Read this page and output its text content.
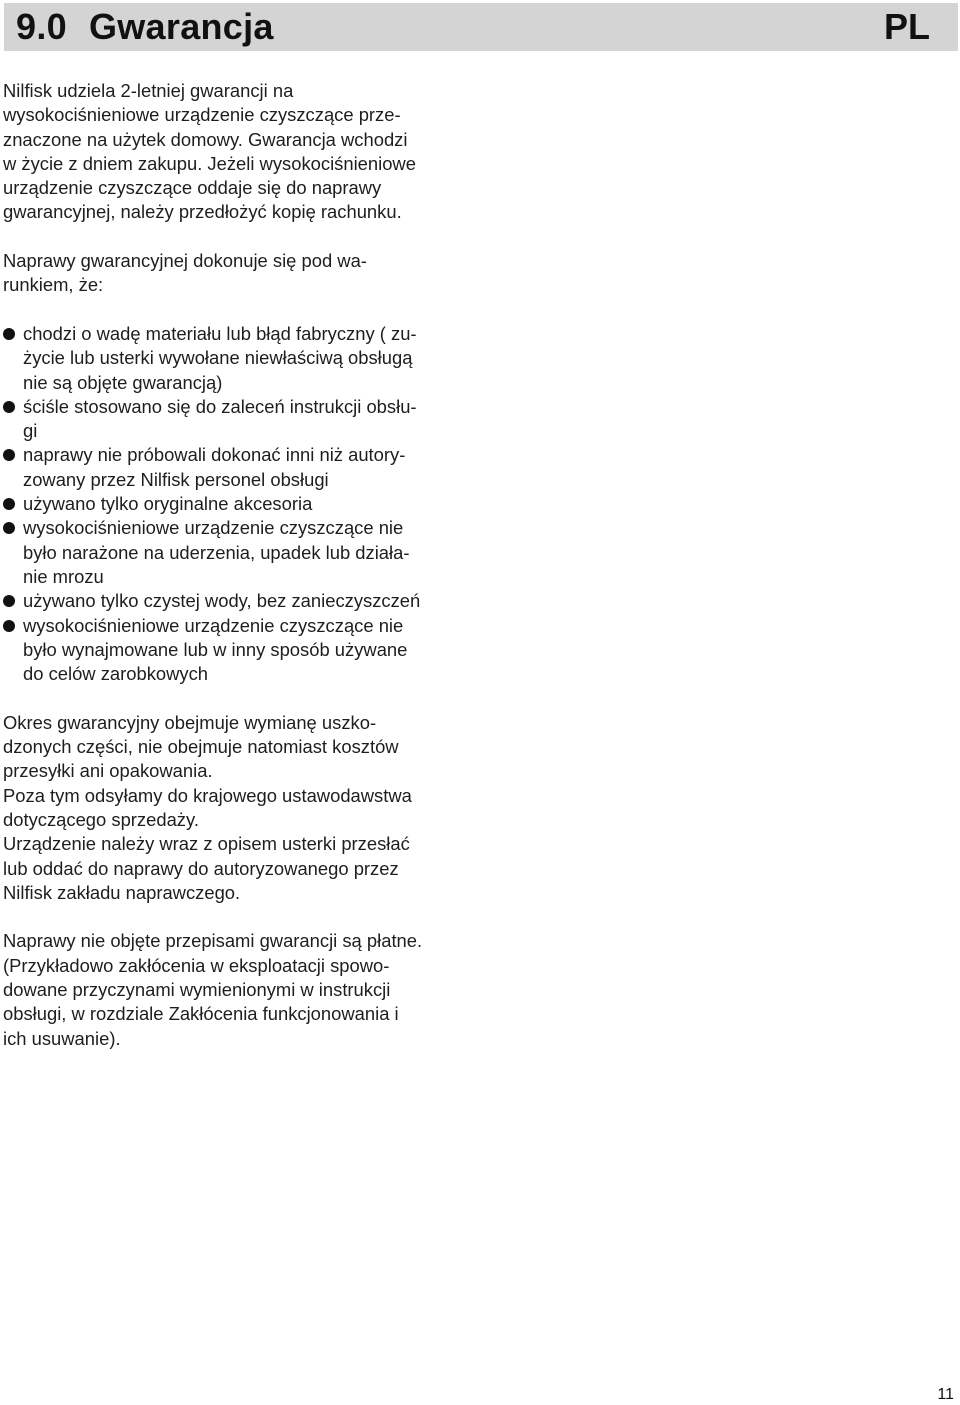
9.0 Gwarancja	PL

Nilfisk udziela 2-letniej gwarancji na
wysokociśnieniowe urządzenie czyszczące prze-
znaczone na użytek domowy. Gwarancja wchodzi
w życie z dniem zakupu. Jeżeli wysokociśnieniowe
urządzenie czyszczące oddaje się do naprawy
gwarancyjnej, należy przedłożyć kopię rachunku.

Naprawy gwarancyjnej dokonuje się pod wa-
runkiem, że:

chodzi o wadę materiału lub błąd fabryczny ( zu-
życie lub usterki wywołane niewłaściwą obsługą
nie są objęte gwarancją)
ściśle stosowano się do zaleceń instrukcji obsłu-
gi
naprawy nie próbowali dokonać inni niż autory-
zowany przez Nilfisk personel obsługi
używano tylko oryginalne akcesoria
wysokociśnieniowe urządzenie czyszczące nie
było narażone na uderzenia, upadek lub działa-
nie mrozu
używano tylko czystej wody, bez zanieczyszczeń
wysokociśnieniowe urządzenie czyszczące nie
było wynajmowane lub w inny sposób używane
do celów zarobkowych

Okres gwarancyjny obejmuje wymianę uszko-
dzonych części, nie obejmuje natomiast kosztów
przesyłki ani opakowania.

Poza tym odsyłamy do krajowego ustawodawstwa
dotyczącego sprzedaży.

Urządzenie należy wraz z opisem usterki przesłać
lub oddać do naprawy do autoryzowanego przez
Nilfisk zakładu naprawczego.

Naprawy nie objęte przepisami gwarancji są płatne.
(Przykładowo zakłócenia w eksploatacji spowo-
dowane przyczynami wymienionymi w instrukcji
obsługi, w rozdziale Zakłócenia funkcjonowania i
ich usuwanie).

11
